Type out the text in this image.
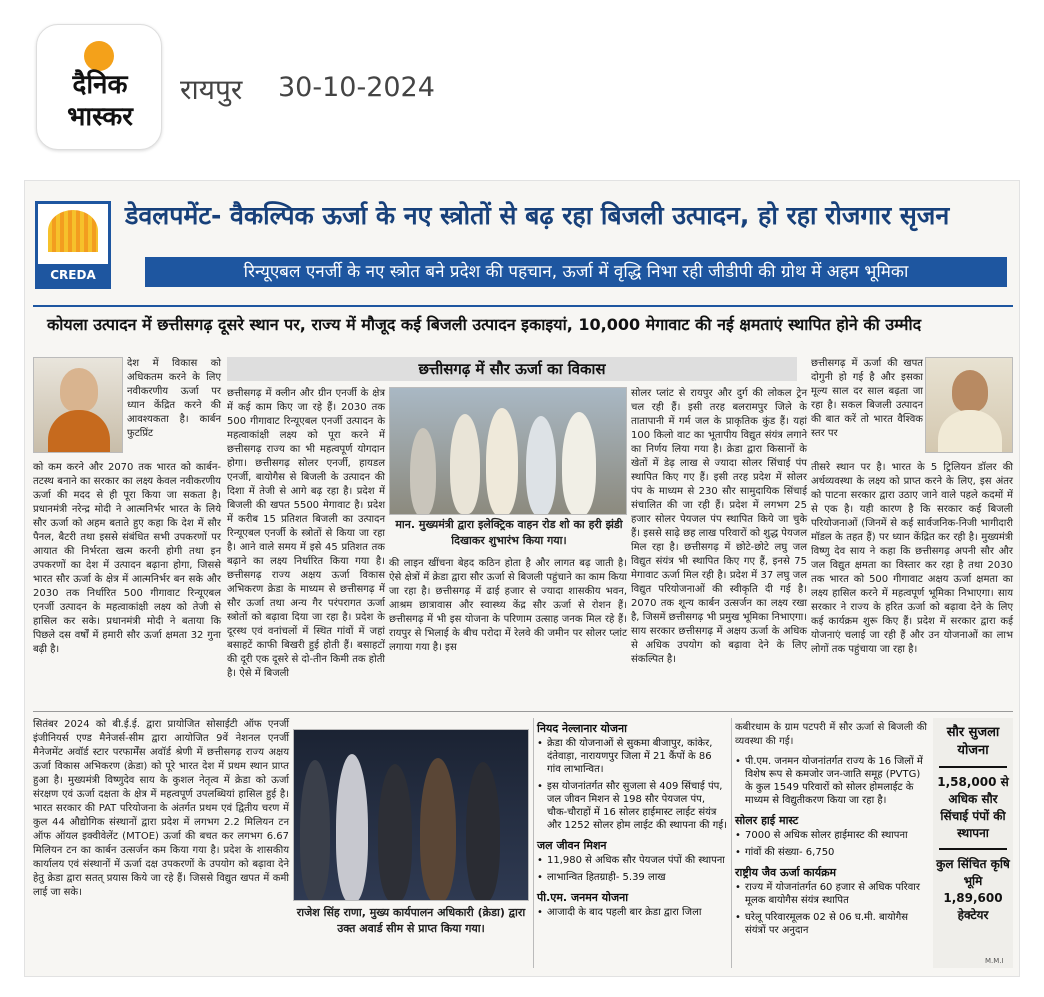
दैनिक
भास्कर
रायपुर 30-10-2024
CREDA
डेवलपमेंट- वैकल्पिक ऊर्जा के नए स्त्रोतों से बढ़ रहा बिजली उत्पादन, हो रहा रोजगार सृजन
रिन्यूएबल एनर्जी के नए स्त्रोत बने प्रदेश की पहचान, ऊर्जा में वृद्धि निभा रही जीडीपी की ग्रोथ में अहम भूमिका
कोयला उत्पादन में छत्तीसगढ़ दूसरे स्थान पर, राज्य में मौजूद कई बिजली उत्पादन इकाइयां, 10,000 मेगावाट की नई क्षमताएं स्थापित होने की उम्मीद
देश में विकास को अधिकतम करने के लिए नवीकरणीय ऊर्जा पर ध्यान केंद्रित करने की आवश्यकता है। कार्बन फुटप्रिंट
को कम करने और 2070 तक भारत को कार्बन-तटस्थ बनाने का सरकार का लक्ष्य केवल नवीकरणीय ऊर्जा की मदद से ही पूरा किया जा सकता है। प्रधानमंत्री नरेन्द्र मोदी ने आत्मनिर्भर भारत के लिये सौर ऊर्जा को अहम बताते हुए कहा कि देश में सौर पैनल, बैटरी तथा इससे संबंधित सभी उपकरणों पर आयात की निर्भरता खत्म करनी होगी तथा इन उपकरणों का देश में उत्पादन बढ़ाना होगा, जिससे भारत सौर ऊर्जा के क्षेत्र में आत्मनिर्भर बन सके और 2030 तक निर्धारित 500 गीगावाट रिन्यूएबल एनर्जी उत्पादन के महत्वाकांक्षी लक्ष्य को तेजी से हासिल कर सके। प्रधानमंत्री मोदी ने बताया कि पिछले दस वर्षों में हमारी सौर ऊर्जा क्षमता 32 गुना बढ़ी है।
छत्तीसगढ़ में सौर ऊर्जा का विकास
छत्तीसगढ़ में क्लीन और ग्रीन एनर्जी के क्षेत्र में कई काम किए जा रहे हैं। 2030 तक 500 गीगावाट रिन्यूएबल एनर्जी उत्पादन के महत्वाकांक्षी लक्ष्य को पूरा करने में छत्तीसगढ़ राज्य का भी महत्वपूर्ण योगदान होगा। छत्तीसगढ़ सोलर एनर्जी, हायडल एनर्जी, बायोगैस से बिजली के उत्पादन की दिशा में तेजी से आगे बढ़ रहा है। प्रदेश में बिजली की खपत 5500 मेगावाट है। प्रदेश में करीब 15 प्रतिशत बिजली का उत्पादन रिन्यूएबल एनर्जी के स्त्रोतों से किया जा रहा है। आने वाले समय में इसे 45 प्रतिशत तक बढ़ाने का लक्ष्य निर्धारित किया गया है। छत्तीसगढ़ राज्य अक्षय ऊर्जा विकास अभिकरण क्रेडा के माध्यम से छत्तीसगढ़ में सौर ऊर्जा तथा अन्य गैर परंपरागत ऊर्जा स्त्रोतों को बढ़ावा दिया जा रहा है। प्रदेश के दूरस्थ एवं वनांचलों में स्थित गांवों में जहां बसाहटें काफी बिखरी हुई होती हैं। बसाहटों की दूरी एक दूसरे से दो-तीन किमी तक होती है। ऐसे में बिजली
मान. मुख्यमंत्री द्वारा इलेक्ट्रिक वाहन रोड शो का हरी झंडी दिखाकर शुभारंभ किया गया।
की लाइन खींचना बेहद कठिन होता है और लागत बढ़ जाती है। ऐसे क्षेत्रों में क्रेडा द्वारा सौर ऊर्जा से बिजली पहुंचाने का काम किया जा रहा है। छत्तीसगढ़ में ढाई हजार से ज्यादा शासकीय भवन, आश्रम छात्रावास और स्वास्थ्य केंद्र सौर ऊर्जा से रोशन हैं। छत्तीसगढ़ में भी इस योजना के परिणाम उत्साह जनक मिल रहे हैं। रायपुर से भिलाई के बीच परोदा में रेलवे की जमीन पर सोलर प्लांट लगाया गया है। इस
सोलर प्लांट से रायपुर और दुर्ग की लोकल ट्रेन चल रही हैं। इसी तरह बलरामपुर जिले के तातापानी में गर्म जल के प्राकृतिक कुंड हैं। यहां 100 किलो वाट का भूतापीय विद्युत संयंत्र लगाने का निर्णय लिया गया है। क्रेडा द्वारा किसानों के खेतों में डेढ़ लाख से ज्यादा सोलर सिंचाई पंप स्थापित किए गए हैं। इसी तरह प्रदेश में सोलर पंप के माध्यम से 230 सौर सामुदायिक सिंचाई संचालित की जा रही हैं। प्रदेश में लगभग 25 हजार सोलर पेयजल पंप स्थापित किये जा चुके हैं। इससे साढ़े छह लाख परिवारों को शुद्ध पेयजल मिल रहा है। छत्तीसगढ़ में छोटे-छोटे लघु जल विद्युत संयंत्र भी स्थापित किए गए हैं, इनसे 75 मेगावाट ऊर्जा मिल रही है। प्रदेश में 37 लघु जल विद्युत परियोजनाओं की स्वीकृति दी गई है। 2070 तक शून्य कार्बन उत्सर्जन का लक्ष्य रखा है, जिसमें छत्तीसगढ़ भी प्रमुख भूमिका निभाएगा। साय सरकार छत्तीसगढ़ में अक्षय ऊर्जा के अधिक से अधिक उपयोग को बढ़ावा देने के लिए संकल्पित है।
छत्तीसगढ़ में ऊर्जा की खपत दोगुनी हो गई है और इसका मूल्य साल दर साल बढ़ता जा रहा है। सकल बिजली उत्पादन की बात करें तो भारत वैश्विक स्तर पर
तीसरे स्थान पर है। भारत के 5 ट्रिलियन डॉलर की अर्थव्यवस्था के लक्ष्य को प्राप्त करने के लिए, इस अंतर को पाटना सरकार द्वारा उठाए जाने वाले पहले कदमों में से एक है। यही कारण है कि सरकार कई बिजली परियोजनाओं (जिनमें से कई सार्वजनिक-निजी भागीदारी मॉडल के तहत हैं) पर ध्यान केंद्रित कर रही है। मुख्यमंत्री विष्णु देव साय ने कहा कि छत्तीसगढ़ अपनी सौर और जल विद्युत क्षमता का विस्तार कर रहा है तथा 2030 तक भारत को 500 गीगावाट अक्षय ऊर्जा क्षमता का लक्ष्य हासिल करने में महत्वपूर्ण भूमिका निभाएगा। साय सरकार ने राज्य के हरित ऊर्जा को बढ़ावा देने के लिए कई कार्यक्रम शुरू किए हैं। प्रदेश में सरकार द्वारा कई योजनाएं चलाई जा रही हैं और उन योजनाओं का लाभ लोगों तक पहुंचाया जा रहा है।
सितंबर 2024 को बी.ई.ई. द्वारा प्रायोजित सोसाईटी ऑफ एनर्जी इंजीनियर्स एण्ड मैनेजर्स-सीम द्वारा आयोजित 9वें नेशनल एनर्जी मैनेजमेंट अवॉर्ड स्टार परफार्मेंस अवॉर्ड श्रेणी में छत्तीसगढ़ राज्य अक्षय ऊर्जा विकास अभिकरण (क्रेडा) को पूरे भारत देश में प्रथम स्थान प्राप्त हुआ है। मुख्यमंत्री विष्णुदेव साय के कुशल नेतृत्व में क्रेडा को ऊर्जा संरक्षण एवं ऊर्जा दक्षता के क्षेत्र में महत्वपूर्ण उपलब्धियां हासिल हुई है। भारत सरकार की PAT परियोजना के अंतर्गत प्रथम एवं द्वितीय चरण में कुल 44 औद्योगिक संस्थानों द्वारा प्रदेश में लगभग 2.2 मिलियन टन ऑफ ऑयल इक्वीवेलेंट (MTOE) ऊर्जा की बचत कर लगभग 6.67 मिलियन टन का कार्बन उत्सर्जन कम किया गया है। प्रदेश के शासकीय कार्यालय एवं संस्थानों में ऊर्जा दक्ष उपकरणों के उपयोग को बढ़ावा देने हेतु क्रेडा द्वारा सतत् प्रयास किये जा रहे हैं। जिससे विद्युत खपत में कमी लाई जा सके।
राजेश सिंह राणा, मुख्य कार्यपालन अधिकारी (क्रेडा) द्वारा उक्त अवार्ड सीम से प्राप्त किया गया।
नियद नेल्लानार योजना
• क्रेडा की योजनाओं से सुकमा बीजापुर, कांकेर, दंतेवाड़ा, नारायणपुर जिला में 21 कैंपों के 86 गांव लाभान्वित।
• इस योजनांतर्गत सौर सुजला से 409 सिंचाई पंप, जल जीवन मिशन से 198 सौर पेयजल पंप, चौक-चौराहों में 16 सोलर हाईमास्ट लाईट संयंत्र और 1252 सोलर होम लाईट की स्थापना की गई।
जल जीवन मिशन
• 11,980 से अधिक सौर पेयजल पंपों की स्थापना
• लाभान्वित हितग्राही- 5.39 लाख
पी.एम. जनमन योजना
• आजादी के बाद पहली बार क्रेडा द्वारा जिला
कबीरधाम के ग्राम पटपरी में सौर ऊर्जा से बिजली की व्यवस्था की गई।
• पी.एम. जनमन योजनांतर्गत राज्य के 16 जिलों में विशेष रूप से कमजोर जन-जाति समूह (PVTG) के कुल 1549 परिवारों को सोलर होमलाईट के माध्यम से विद्युतीकरण किया जा रहा है।
सोलर हाई मास्ट
• 7000 से अधिक सोलर हाईमास्ट की स्थापना
• गांवों की संख्या- 6,750
राष्ट्रीय जैव ऊर्जा कार्यक्रम
• राज्य में योजनांतर्गत 60 हजार से अधिक परिवार मूलक बायोगैस संयंत्र स्थापित
• घरेलू परिवारमूलक 02 से 06 घ.मी. बायोगैस संयंत्रों पर अनुदान
सौर सुजला योजना
1,58,000 से अधिक सौर सिंचाई पंपों की स्थापना
कुल सिंचित कृषि भूमि 1,89,600 हेक्टेयर
M.M.I
